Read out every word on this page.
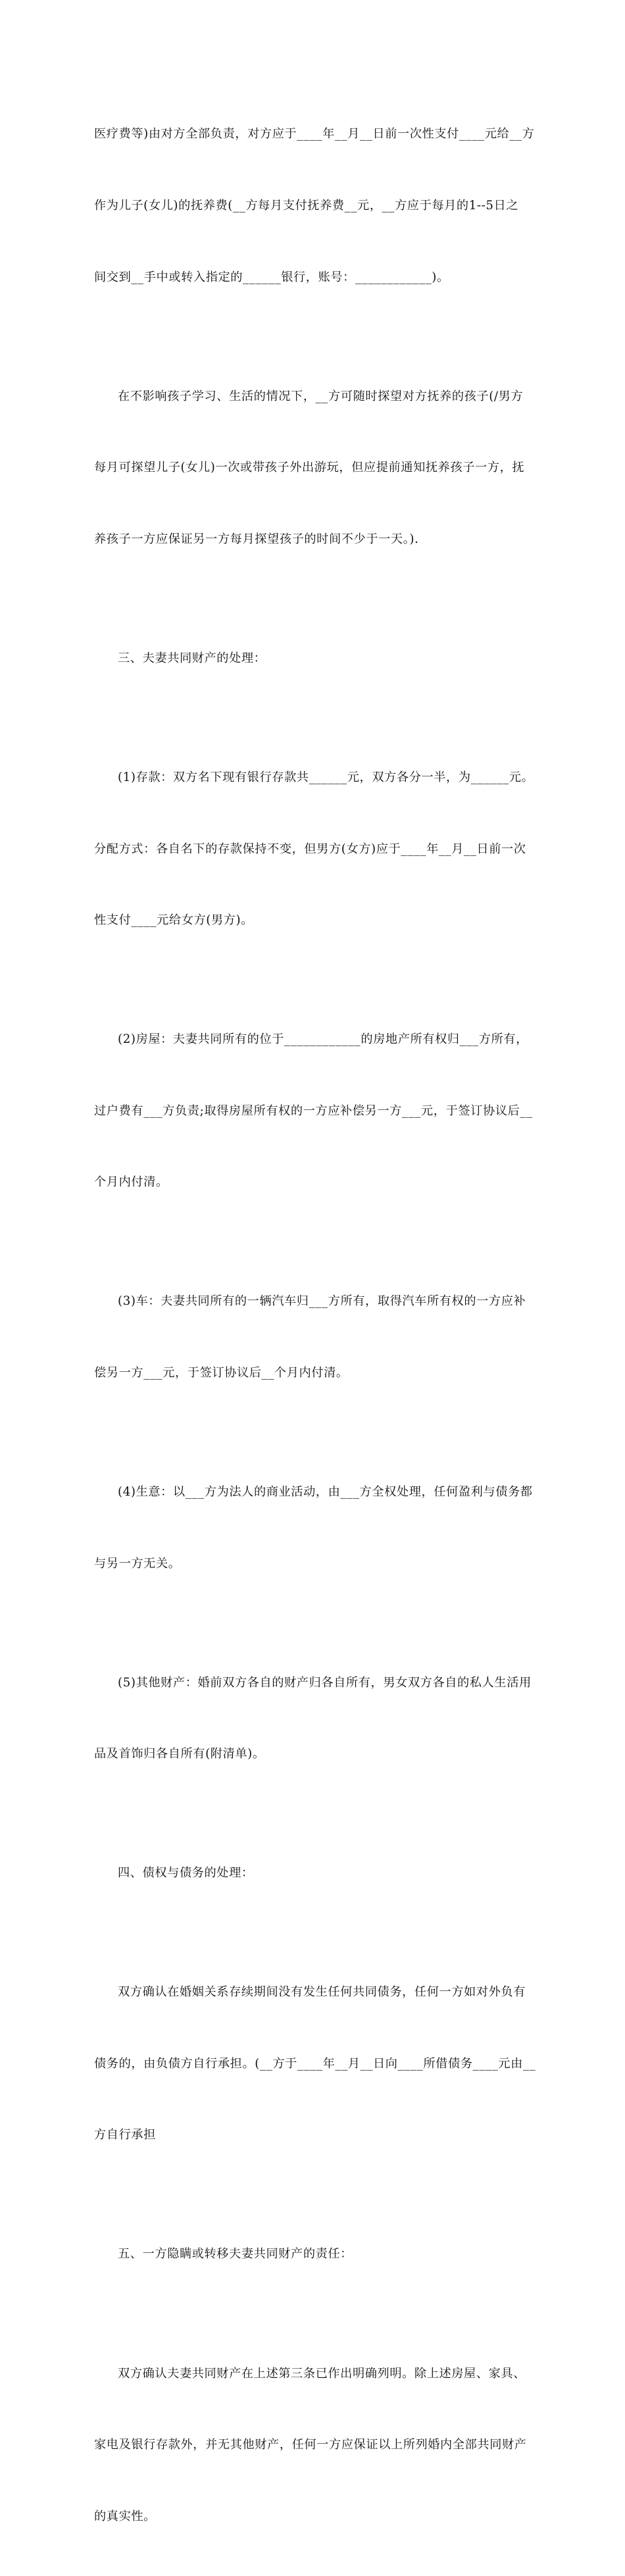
医疗费等)由对方全部负责，对方应于____年__月__日前一次性支付____元给__方

作为儿子(女儿)的抚养费(__方每月支付抚养费__元，__方应于每月的1--5日之

间交到__手中或转入指定的______银行，账号：____________)。

在不影响孩子学习、生活的情况下，__方可随时探望对方抚养的孩子(/男方

每月可探望儿子(女儿)一次或带孩子外出游玩，但应提前通知抚养孩子一方，抚

养孩子一方应保证另一方每月探望孩子的时间不少于一天。).

三、夫妻共同财产的处理：

(1)存款：双方名下现有银行存款共______元，双方各分一半，为______元。

分配方式：各自名下的存款保持不变，但男方(女方)应于____年__月__日前一次

性支付____元给女方(男方)。

(2)房屋：夫妻共同所有的位于____________的房地产所有权归___方所有，

过户费有___方负责;取得房屋所有权的一方应补偿另一方___元，于签订协议后__

个月内付清。

(3)车：夫妻共同所有的一辆汽车归___方所有，取得汽车所有权的一方应补

偿另一方___元，于签订协议后__个月内付清。

(4)生意：以___方为法人的商业活动，由___方全权处理，任何盈利与债务都

与另一方无关。

(5)其他财产：婚前双方各自的财产归各自所有，男女双方各自的私人生活用

品及首饰归各自所有(附清单)。

四、债权与债务的处理：

双方确认在婚姻关系存续期间没有发生任何共同债务，任何一方如对外负有

债务的，由负债方自行承担。(__方于____年__月__日向____所借债务____元由__

方自行承担

五、一方隐瞒或转移夫妻共同财产的责任：

双方确认夫妻共同财产在上述第三条已作出明确列明。除上述房屋、家具、

家电及银行存款外，并无其他财产，任何一方应保证以上所列婚内全部共同财产

的真实性。
